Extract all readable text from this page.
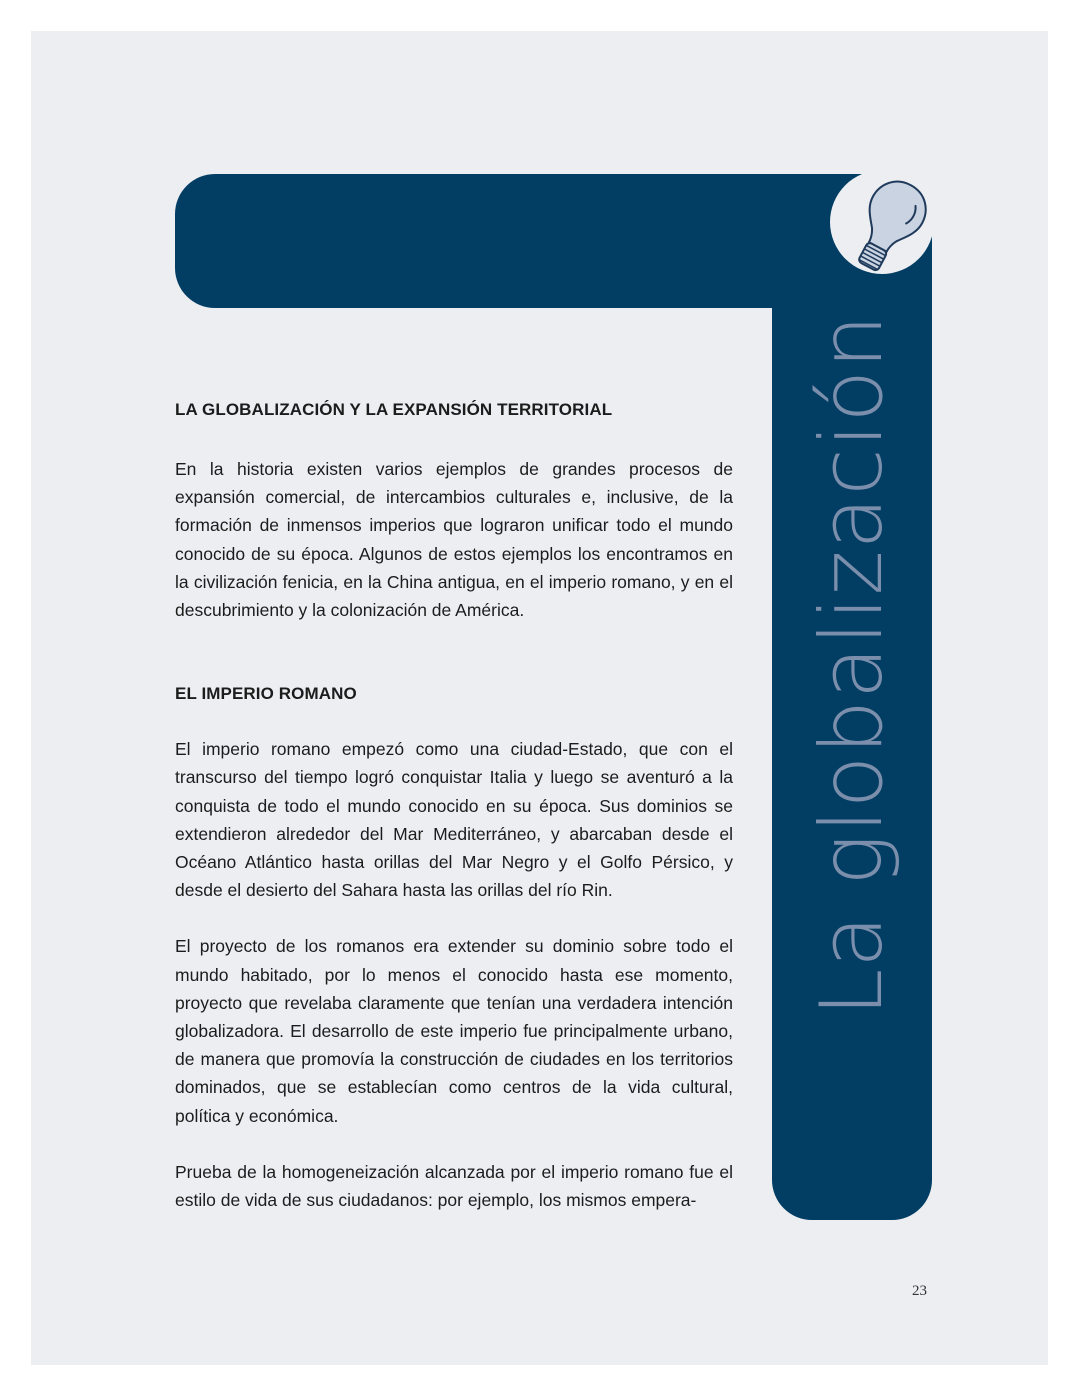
La globalización
LA GLOBALIZACIÓN Y LA EXPANSIÓN TERRITORIAL

En la historia existen varios ejemplos de grandes procesos de expansión comercial, de intercambios culturales e, inclusive, de la formación de inmensos imperios que lograron unificar todo el mundo conocido de su época. Algunos de estos ejemplos los encontramos en la civilización fenicia, en la China antigua, en el imperio romano, y en el descubrimiento y la colonización de América.

EL IMPERIO ROMANO

El imperio romano empezó como una ciudad-Estado, que con el transcurso del tiempo logró conquistar Italia y luego se aventuró a la conquista de todo el mundo conocido en su época. Sus dominios se extendieron alrededor del Mar Mediterráneo, y abarcaban desde el Océano Atlántico hasta orillas del Mar Negro y el Golfo Pérsico, y desde el desierto del Sahara hasta las orillas del río Rin.

El proyecto de los romanos era extender su dominio sobre todo el mundo habitado, por lo menos el conocido hasta ese momento, proyecto que revelaba claramente que tenían una verdadera intención globalizadora. El desarrollo de este imperio fue principalmente urbano, de manera que promovía la construcción de ciudades en los territorios dominados, que se establecían como centros de la vida cultural, política y económica.

Prueba de la homogeneización alcanzada por el imperio romano fue el estilo de vida de sus ciudadanos: por ejemplo, los mismos empera-

23
